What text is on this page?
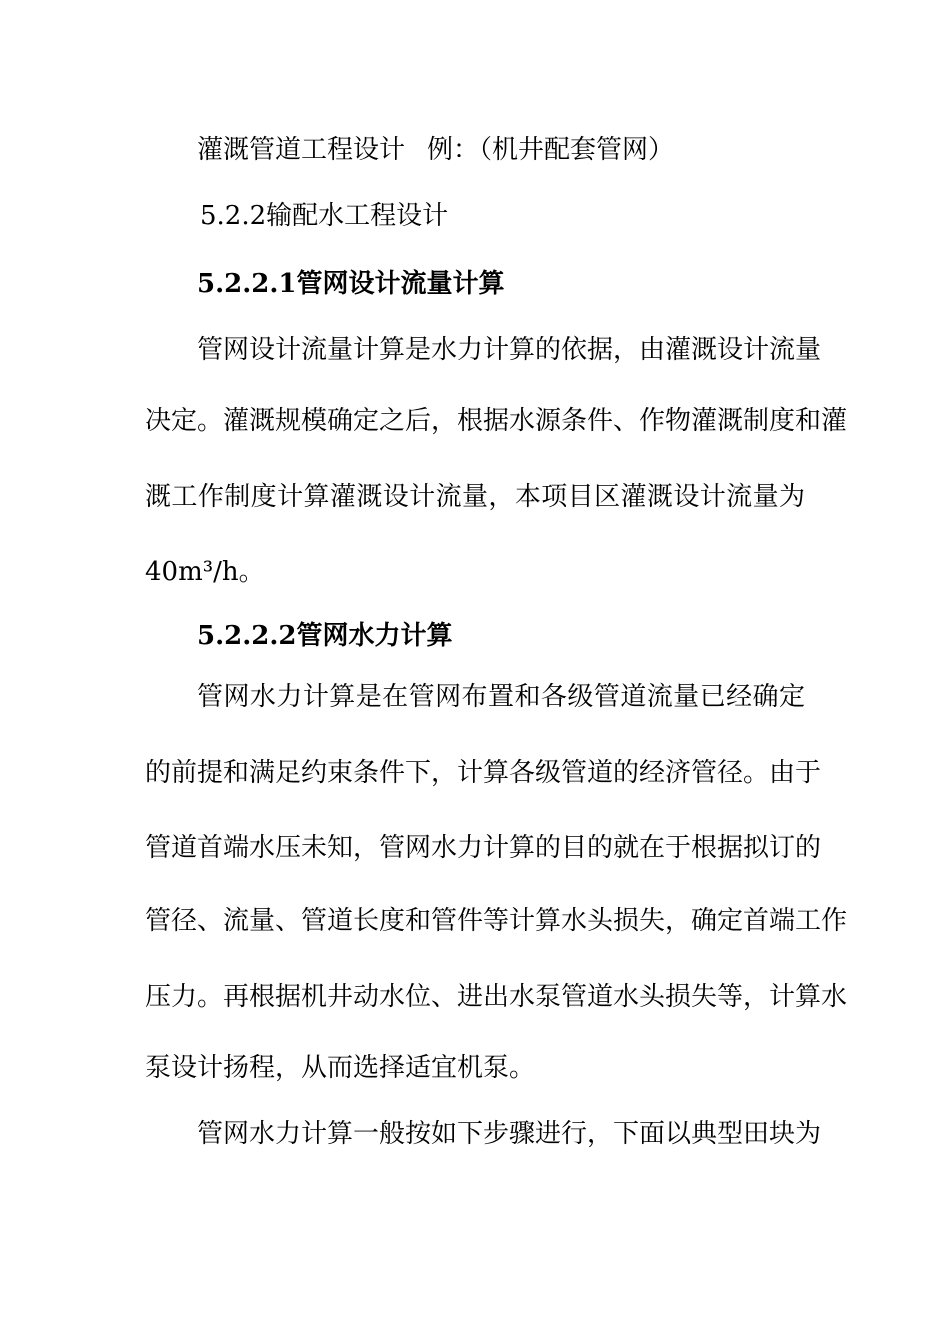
灌溉管道工程设计 例：（机井配套管网）

5.2.2输配水工程设计

5.2.2.1管网设计流量计算

管网设计流量计算是水力计算的依据，由灌溉设计流量

决定。灌溉规模确定之后，根据水源条件、作物灌溉制度和灌

溉工作制度计算灌溉设计流量，本项目区灌溉设计流量为

40m³/h。

5.2.2.2管网水力计算

管网水力计算是在管网布置和各级管道流量已经确定

的前提和满足约束条件下，计算各级管道的经济管径。由于

管道首端水压未知，管网水力计算的目的就在于根据拟订的

管径、流量、管道长度和管件等计算水头损失，确定首端工作

压力。再根据机井动水位、进出水泵管道水头损失等，计算水

泵设计扬程，从而选择适宜机泵。

管网水力计算一般按如下步骤进行，下面以典型田块为
